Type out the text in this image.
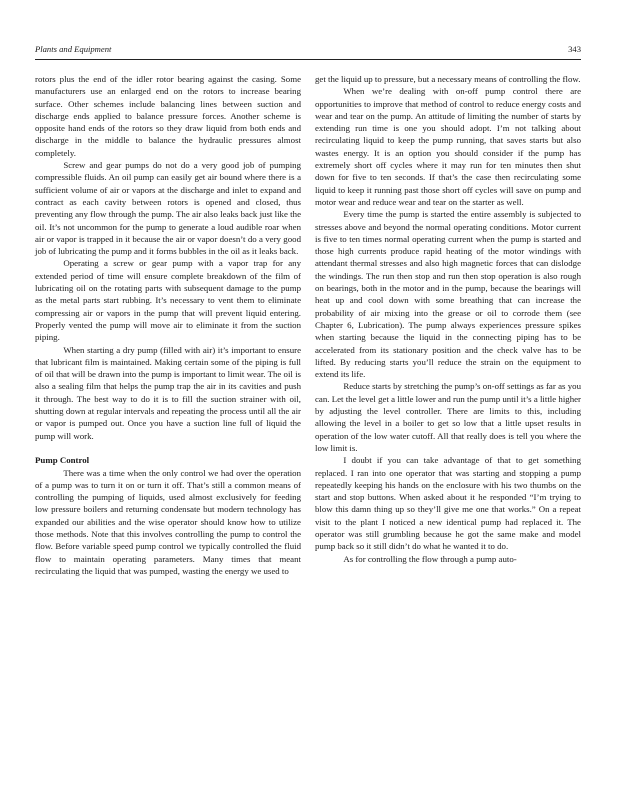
Plants and Equipment	343

rotors plus the end of the idler rotor bearing against the casing. Some manufacturers use an enlarged end on the rotors to increase bearing surface. Other schemes include balancing lines between suction and discharge ends applied to balance pressure forces. Another scheme is opposite hand ends of the rotors so they draw liquid from both ends and discharge in the middle to balance the hydraulic pressures almost completely.

Screw and gear pumps do not do a very good job of pumping compressible fluids. An oil pump can easily get air bound where there is a sufficient volume of air or vapors at the discharge and inlet to expand and contract as each cavity between rotors is opened and closed, thus preventing any flow through the pump. The air also leaks back just like the oil. It’s not uncommon for the pump to generate a loud audible roar when air or vapor is trapped in it because the air or vapor doesn’t do a very good job of lubricating the pump and it forms bubbles in the oil as it leaks back.

Operating a screw or gear pump with a vapor trap for any extended period of time will ensure complete breakdown of the film of lubricating oil on the rotating parts with subsequent damage to the pump as the metal parts start rubbing. It’s necessary to vent them to eliminate compressing air or vapors in the pump that will prevent liquid entering. Properly vented the pump will move air to eliminate it from the suction piping.

When starting a dry pump (filled with air) it’s important to ensure that lubricant film is maintained. Making certain some of the piping is full of oil that will be drawn into the pump is important to limit wear. The oil is also a sealing film that helps the pump trap the air in its cavities and push it through. The best way to do it is to fill the suction strainer with oil, shutting down at regular intervals and repeating the process until all the air or vapor is pumped out. Once you have a suction line full of liquid the pump will work.

Pump Control

There was a time when the only control we had over the operation of a pump was to turn it on or turn it off. That’s still a common means of controlling the pumping of liquids, used almost exclusively for feeding low pressure boilers and returning condensate but modern technology has expanded our abilities and the wise operator should know how to utilize those methods. Note that this involves controlling the pump to control the flow. Before variable speed pump control we typically controlled the fluid flow to maintain operating parameters. Many times that meant recirculating the liquid that was pumped, wasting the energy we used to

get the liquid up to pressure, but a necessary means of controlling the flow.

When we’re dealing with on-off pump control there are opportunities to improve that method of control to reduce energy costs and wear and tear on the pump. An attitude of limiting the number of starts by extending run time is one you should adopt. I’m not talking about recirculating liquid to keep the pump running, that saves starts but also wastes energy. It is an option you should consider if the pump has extremely short off cycles where it may run for ten minutes then shut down for five to ten seconds. If that’s the case then recirculating some liquid to keep it running past those short off cycles will save on pump and motor wear and reduce wear and tear on the starter as well.

Every time the pump is started the entire assembly is subjected to stresses above and beyond the normal operating conditions. Motor current is five to ten times normal operating current when the pump is started and those high currents produce rapid heating of the motor windings with attendant thermal stresses and also high magnetic forces that can dislodge the windings. The run then stop and run then stop operation is also rough on bearings, both in the motor and in the pump, because the bearings will heat up and cool down with some breathing that can increase the probability of air mixing into the grease or oil to corrode them (see Chapter 6, Lubrication). The pump always experiences pressure spikes when starting because the liquid in the connecting piping has to be accelerated from its stationary position and the check valve has to be lifted. By reducing starts you’ll reduce the strain on the equipment to extend its life.

Reduce starts by stretching the pump’s on-off settings as far as you can. Let the level get a little lower and run the pump until it’s a little higher by adjusting the level controller. There are limits to this, including allowing the level in a boiler to get so low that a little upset results in operation of the low water cutoff. All that really does is tell you where the low limit is.

I doubt if you can take advantage of that to get something replaced. I ran into one operator that was starting and stopping a pump repeatedly keeping his hands on the enclosure with his two thumbs on the start and stop buttons. When asked about it he responded “I’m trying to blow this damn thing up so they’ll give me one that works.” On a repeat visit to the plant I noticed a new identical pump had replaced it. The operator was still grumbling because he got the same make and model pump back so it still didn’t do what he wanted it to do.

As for controlling the flow through a pump auto-
